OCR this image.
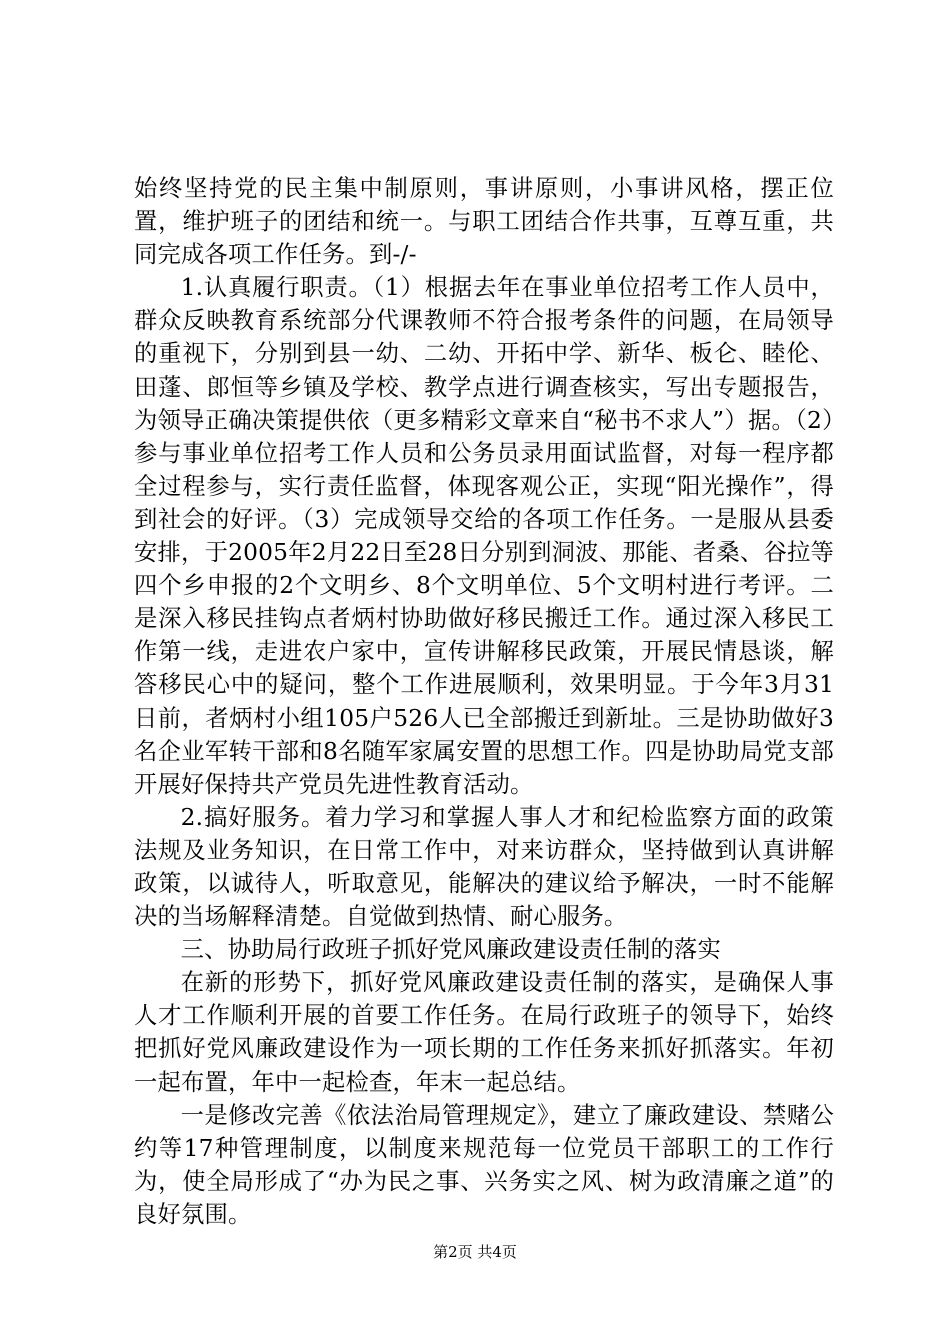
始终坚持党的民主集中制原则，事讲原则，小事讲风格，摆正位置，维护班子的团结和统一。与职工团结合作共事，互尊互重，共同完成各项工作任务。到-/-

1.认真履行职责。（1）根据去年在事业单位招考工作人员中，群众反映教育系统部分代课教师不符合报考条件的问题，在局领导的重视下，分别到县一幼、二幼、开拓中学、新华、板仑、睦伦、田蓬、郎恒等乡镇及学校、教学点进行调查核实，写出专题报告，为领导正确决策提供依（更多精彩文章来自“秘书不求人”）据。（2）参与事业单位招考工作人员和公务员录用面试监督，对每一程序都全过程参与，实行责任监督，体现客观公正，实现“阳光操作”，得到社会的好评。（3）完成领导交给的各项工作任务。一是服从县委安排，于2005年2月22日至28日分别到洞波、那能、者桑、谷拉等四个乡申报的2个文明乡、8个文明单位、5个文明村进行考评。二是深入移民挂钩点者炳村协助做好移民搬迁工作。通过深入移民工作第一线，走进农户家中，宣传讲解移民政策，开展民情恳谈，解答移民心中的疑问，整个工作进展顺利，效果明显。于今年3月31日前，者炳村小组105户526人已全部搬迁到新址。三是协助做好3名企业军转干部和8名随军家属安置的思想工作。四是协助局党支部开展好保持共产党员先进性教育活动。

2.搞好服务。着力学习和掌握人事人才和纪检监察方面的政策法规及业务知识，在日常工作中，对来访群众，坚持做到认真讲解政策，以诚待人，听取意见，能解决的建议给予解决，一时不能解决的当场解释清楚。自觉做到热情、耐心服务。

三、协助局行政班子抓好党风廉政建设责任制的落实

在新的形势下，抓好党风廉政建设责任制的落实，是确保人事人才工作顺利开展的首要工作任务。在局行政班子的领导下，始终把抓好党风廉政建设作为一项长期的工作任务来抓好抓落实。年初一起布置，年中一起检查，年末一起总结。

一是修改完善《依法治局管理规定》，建立了廉政建设、禁赌公约等17种管理制度，以制度来规范每一位党员干部职工的工作行为，使全局形成了“办为民之事、兴务实之风、树为政清廉之道”的良好氛围。

第2页 共4页
